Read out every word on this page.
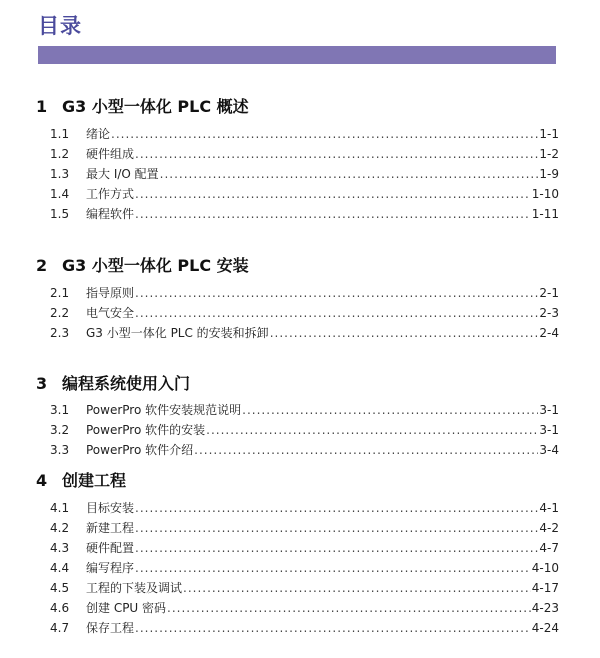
目录
1 G3 小型一体化 PLC 概述
1.1	绪论 .....	1-1
1.2	硬件组成 .....	1-2
1.3	最大 I/O 配置 .....	1-9
1.4	工作方式 .....	1-10
1.5	编程软件 .....	1-11
2 G3 小型一体化 PLC 安装
2.1	指导原则 .....	2-1
2.2	电气安全 .....	2-3
2.3	G3 小型一体化 PLC 的安装和拆卸 .....	2-4
3 编程系统使用入门
3.1	PowerPro 软件安装规范说明 .....	3-1
3.2	PowerPro 软件的安装 .....	3-1
3.3	PowerPro 软件介绍 .....	3-4
4 创建工程
4.1	目标安装 .....	4-1
4.2	新建工程 .....	4-2
4.3	硬件配置 .....	4-7
4.4	编写程序 .....	4-10
4.5	工程的下装及调试 .....	4-17
4.6	创建 CPU 密码 .....	4-23
4.7	保存工程 .....	4-24
